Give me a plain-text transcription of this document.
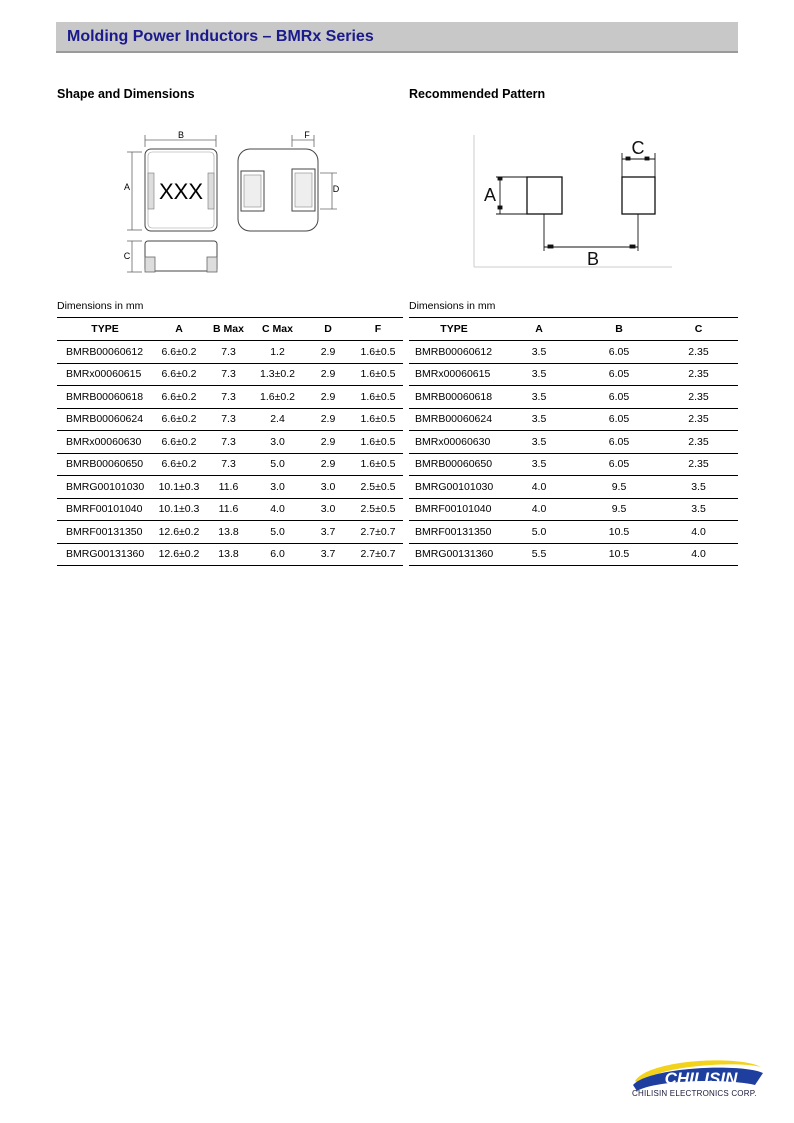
Molding Power Inductors – BMRx Series
Shape and Dimensions	Recommended Pattern
XXX
B
A
C
F
D	A
C
B
Dimensions in mm	Dimensions in mm
TYPE	A	B Max	C Max	D	F
BMRB00060612	6.6±0.2	7.3	1.2	2.9	1.6±0.5
BMRx00060615	6.6±0.2	7.3	1.3±0.2	2.9	1.6±0.5
BMRB00060618	6.6±0.2	7.3	1.6±0.2	2.9	1.6±0.5
BMRB00060624	6.6±0.2	7.3	2.4	2.9	1.6±0.5
BMRx00060630	6.6±0.2	7.3	3.0	2.9	1.6±0.5
BMRB00060650	6.6±0.2	7.3	5.0	2.9	1.6±0.5
BMRG00101030	10.1±0.3	11.6	3.0	3.0	2.5±0.5
BMRF00101040	10.1±0.3	11.6	4.0	3.0	2.5±0.5
BMRF00131350	12.6±0.2	13.8	5.0	3.7	2.7±0.7
BMRG00131360	12.6±0.2	13.8	6.0	3.7	2.7±0.7
TYPE	A	B	C
BMRB00060612	3.5	6.05	2.35
BMRx00060615	3.5	6.05	2.35
BMRB00060618	3.5	6.05	2.35
BMRB00060624	3.5	6.05	2.35
BMRx00060630	3.5	6.05	2.35
BMRB00060650	3.5	6.05	2.35
BMRG00101030	4.0	9.5	3.5
BMRF00101040	4.0	9.5	3.5
BMRF00131350	5.0	10.5	4.0
BMRG00131360	5.5	10.5	4.0
CHILISIN
CHILISIN ELECTRONICS CORP.
